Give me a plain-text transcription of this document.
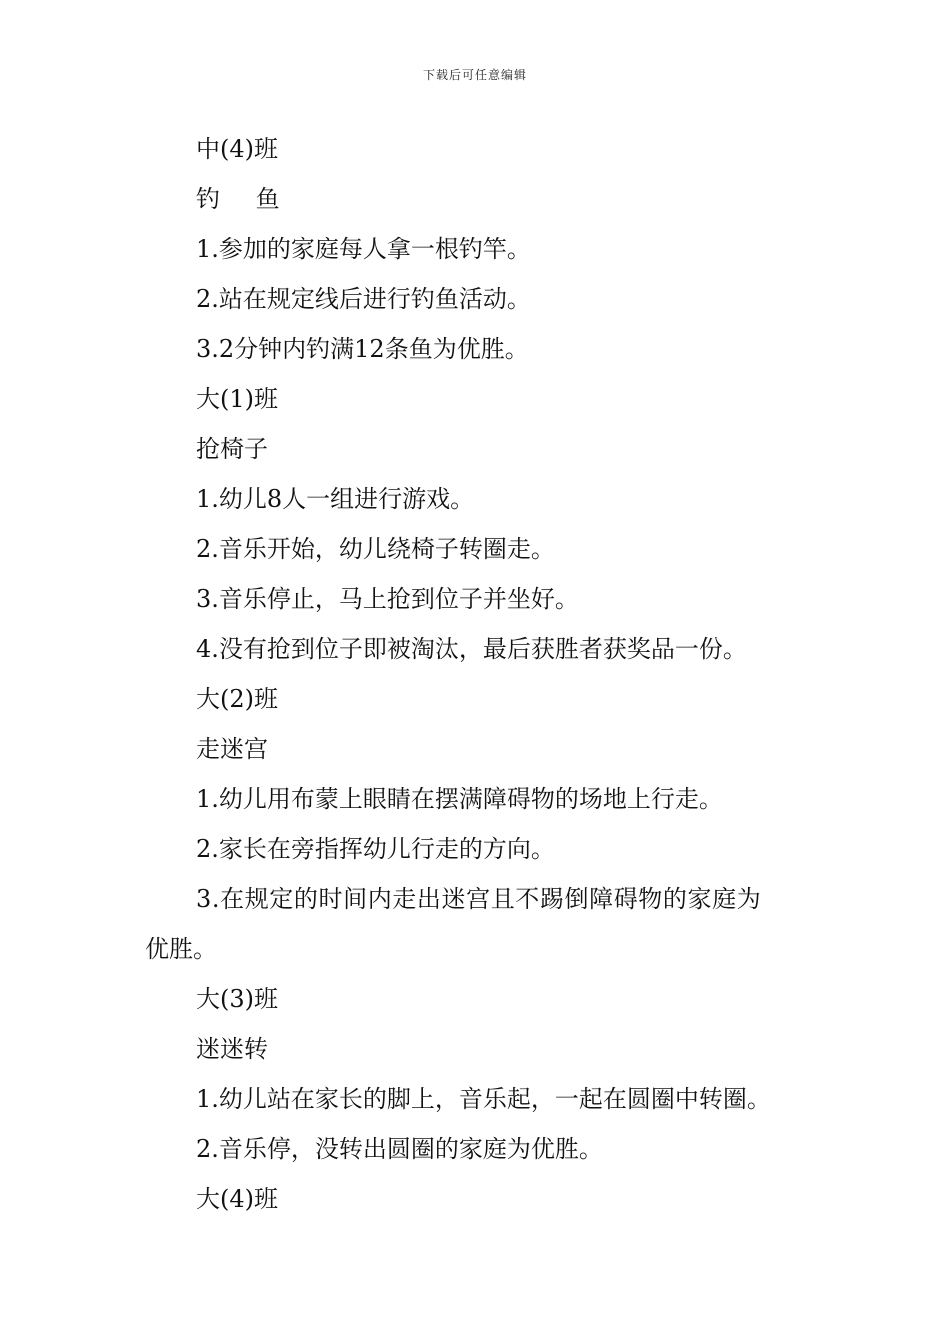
下载后可任意编辑
中(4)班
钓 鱼
1.参加的家庭每人拿一根钓竿。
2.站在规定线后进行钓鱼活动。
3.2分钟内钓满12条鱼为优胜。
大(1)班
抢椅子
1.幼儿8人一组进行游戏。
2.音乐开始，幼儿绕椅子转圈走。
3.音乐停止，马上抢到位子并坐好。
4.没有抢到位子即被淘汰，最后获胜者获奖品一份。
大(2)班
走迷宫
1.幼儿用布蒙上眼睛在摆满障碍物的场地上行走。
2.家长在旁指挥幼儿行走的方向。
3.在规定的时间内走出迷宫且不踢倒障碍物的家庭为
优胜。
大(3)班
迷迷转
1.幼儿站在家长的脚上，音乐起，一起在圆圈中转圈。
2.音乐停，没转出圆圈的家庭为优胜。
大(4)班
